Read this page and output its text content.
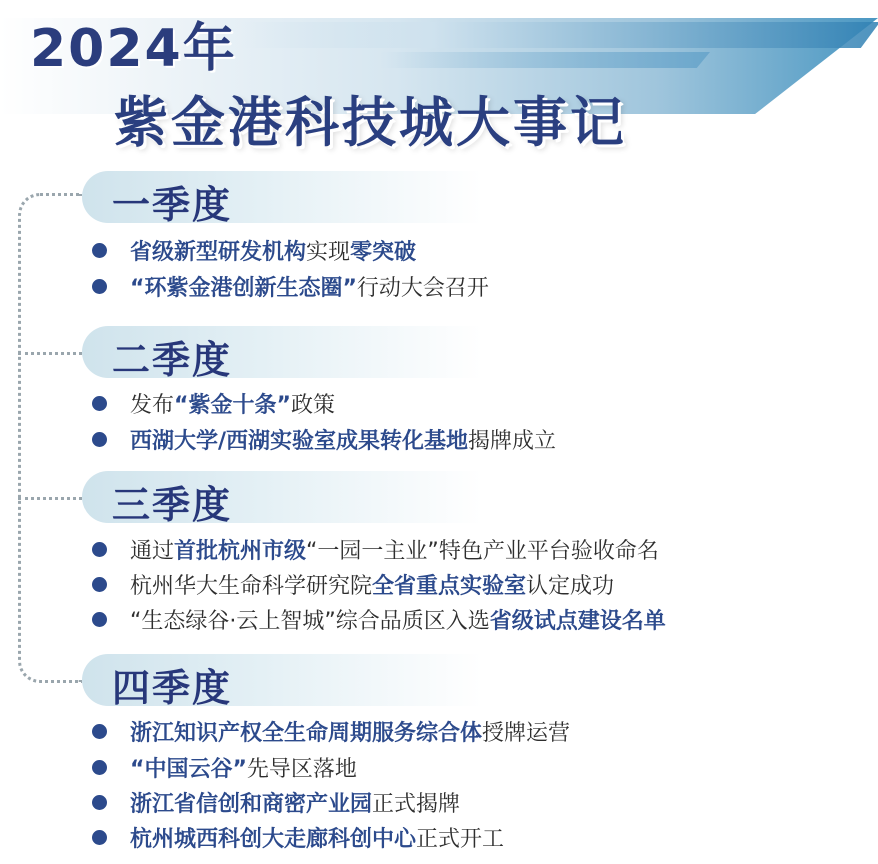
2024年
紫金港科技城大事记
一季度
省级新型研发机构 实现 零突破
“环紫金港创新生态圈” 行动大会召开
二季度
发布 “紫金十条” 政策
西湖大学/西湖实验室成果转化基地 揭牌成立
三季度
通过 首批杭州市级 “一园一主业”特色产业平台验收命名
杭州华大生命科学研究院 全省重点实验室 认定成功
“生态绿谷·云上智城”综合品质区入选 省级试点建设名单
四季度
浙江知识产权全生命周期服务综合体 授牌运营
“中国云谷” 先导区落地
浙江省信创和商密产业园 正式揭牌
杭州城西科创大走廊科创中心 正式开工
